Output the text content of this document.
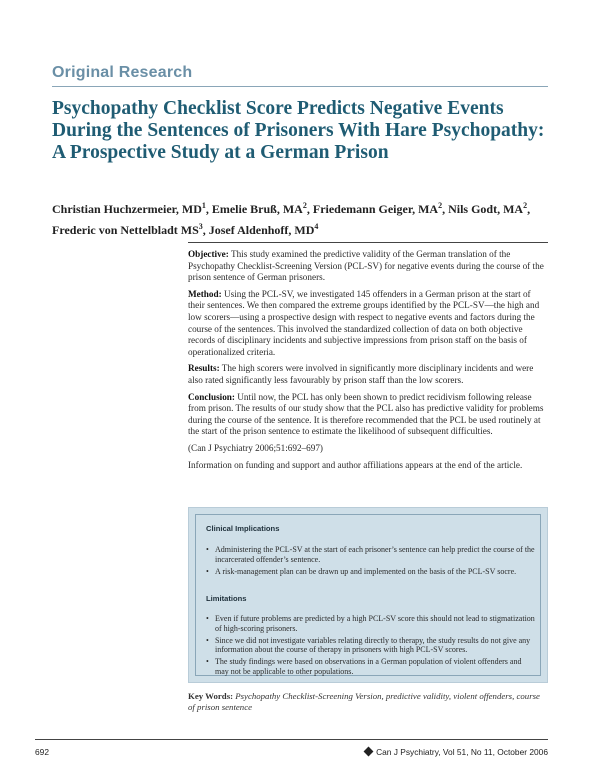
Original Research
Psychopathy Checklist Score Predicts Negative Events During the Sentences of Prisoners With Hare Psychopathy: A Prospective Study at a German Prison
Christian Huchzermeier, $MD^1$, Emelie Bruß, $MA^2$, Friedemann Geiger, $MA^2$, Nils Godt, $MA^2$,
Frederic von Nettelbladt $MS^3$, Josef Aldenhoff, $MD^4$

Objective: This study examined the predictive validity of the German translation of the Psychopathy Checklist-Screening Version (PCL-SV) for negative events during the course of the prison sentence of German prisoners.

Method: Using the PCL-SV, we investigated 145 offenders in a German prison at the start of their sentences. We then compared the extreme groups identified by the PCL-SV—the high and low scorers—using a prospective design with respect to negative events and factors during the course of the sentences. This involved the standardized collection of data on both objective records of disciplinary incidents and subjective impressions from prison staff on the basis of operationalized criteria.

Results: The high scorers were involved in significantly more disciplinary incidents and were also rated significantly less favourably by prison staff than the low scorers.

Conclusion: Until now, the PCL has only been shown to predict recidivism following release from prison. The results of our study show that the PCL also has predictive validity for problems during the course of the sentence. It is therefore recommended that the PCL be used routinely at the start of the prison sentence to estimate the likelihood of subsequent difficulties.

(Can J Psychiatry 2006;51:692–697)

Information on funding and support and author affiliations appears at the end of the article.

Clinical Implications
• Administering the PCL-SV at the start of each prisoner’s sentence can help predict the course of the incarcerated offender’s sentence.
• A risk-management plan can be drawn up and implemented on the basis of the PCL-SV socre.
Limitations
• Even if future problems are predicted by a high PCL-SV score this should not lead to stigmatization of high-scoring prisoners.
• Since we did not investigate variables relating directly to therapy, the study results do not give any information about the course of therapy in prisoners with high PCL-SV scores.
• The study findings were based on observations in a German population of violent offenders and may not be applicable to other populations.
Key Words: Psychopathy Checklist-Screening Version, predictive validity, violent offenders, course of prison sentence
692	Can J Psychiatry, Vol 51, No 11, October 2006
